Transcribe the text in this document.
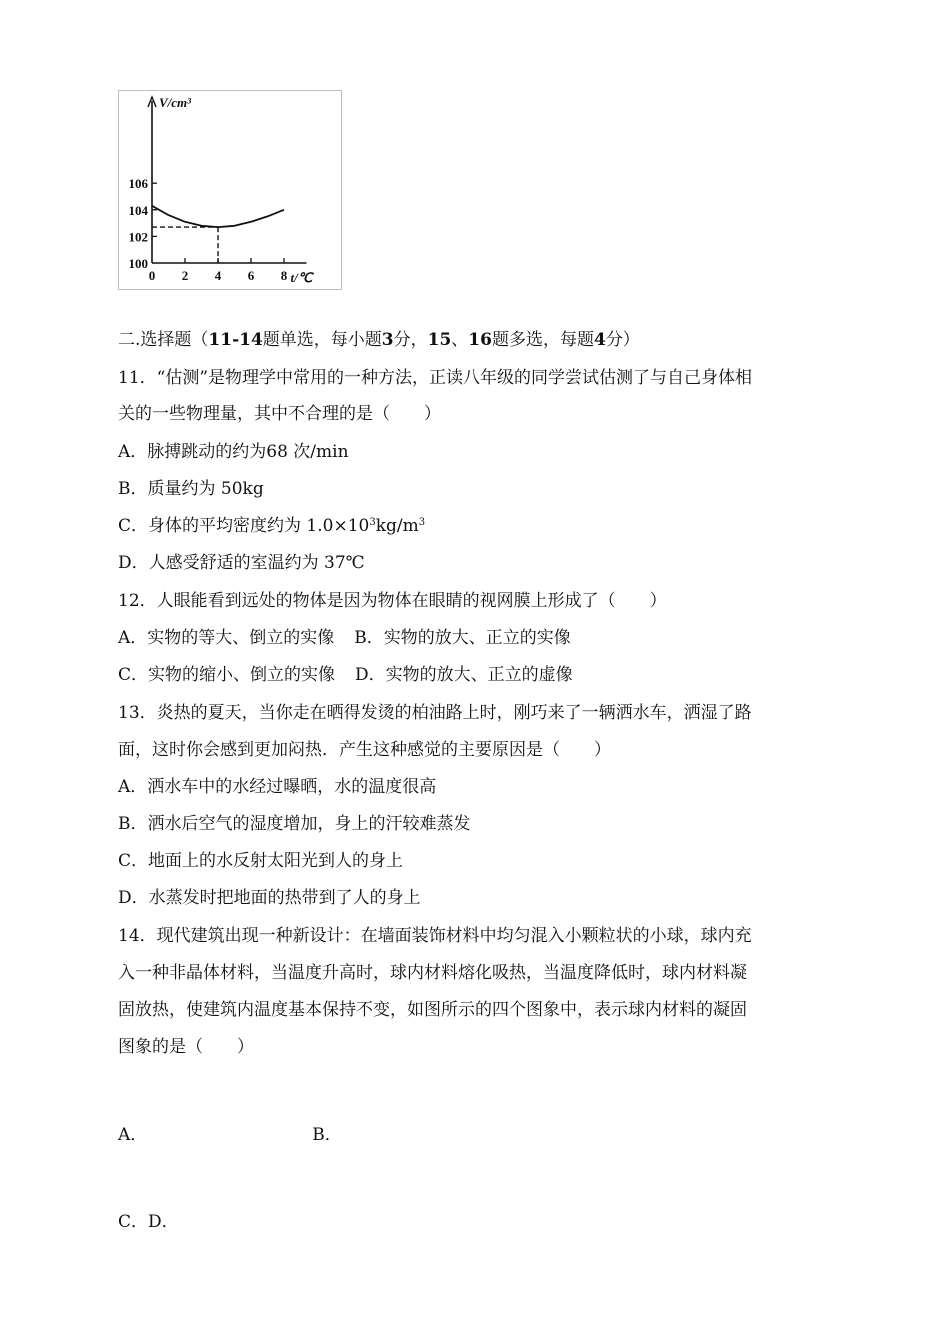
100
102
104
106
0 2 4 6 8
V/cm³
t/℃
二.选择题（11-14题单选，每小题3分，15、16题多选，每题4分）
11．“估测”是物理学中常用的一种方法，正读八年级的同学尝试估测了与自己身体相
关的一些物理量，其中不合理的是（　　）
A．脉搏跳动的约为68 次/min
B．质量约为 50kg
C．身体的平均密度约为 $1.0\times 10^3kg/m^3$
D．人感受舒适的室温约为 37℃
12．人眼能看到远处的物体是因为物体在眼睛的视网膜上形成了（　　）
A．实物的等大、倒立的实像 B．实物的放大、正立的实像
C．实物的缩小、倒立的实像 D．实物的放大、正立的虚像
13．炎热的夏天，当你走在晒得发烫的柏油路上时，刚巧来了一辆洒水车，洒湿了路
面，这时你会感到更加闷热．产生这种感觉的主要原因是（　　）
A．洒水车中的水经过曝晒，水的温度很高
B．洒水后空气的湿度增加，身上的汗较难蒸发
C．地面上的水反射太阳光到人的身上
D．水蒸发时把地面的热带到了人的身上
14．现代建筑出现一种新设计：在墙面装饰材料中均匀混入小颗粒状的小球，球内充
入一种非晶体材料，当温度升高时，球内材料熔化吸热，当温度降低时，球内材料凝
固放热，使建筑内温度基本保持不变，如图所示的四个图象中，表示球内材料的凝固
图象的是（　　）
A．	B．
C．D．
